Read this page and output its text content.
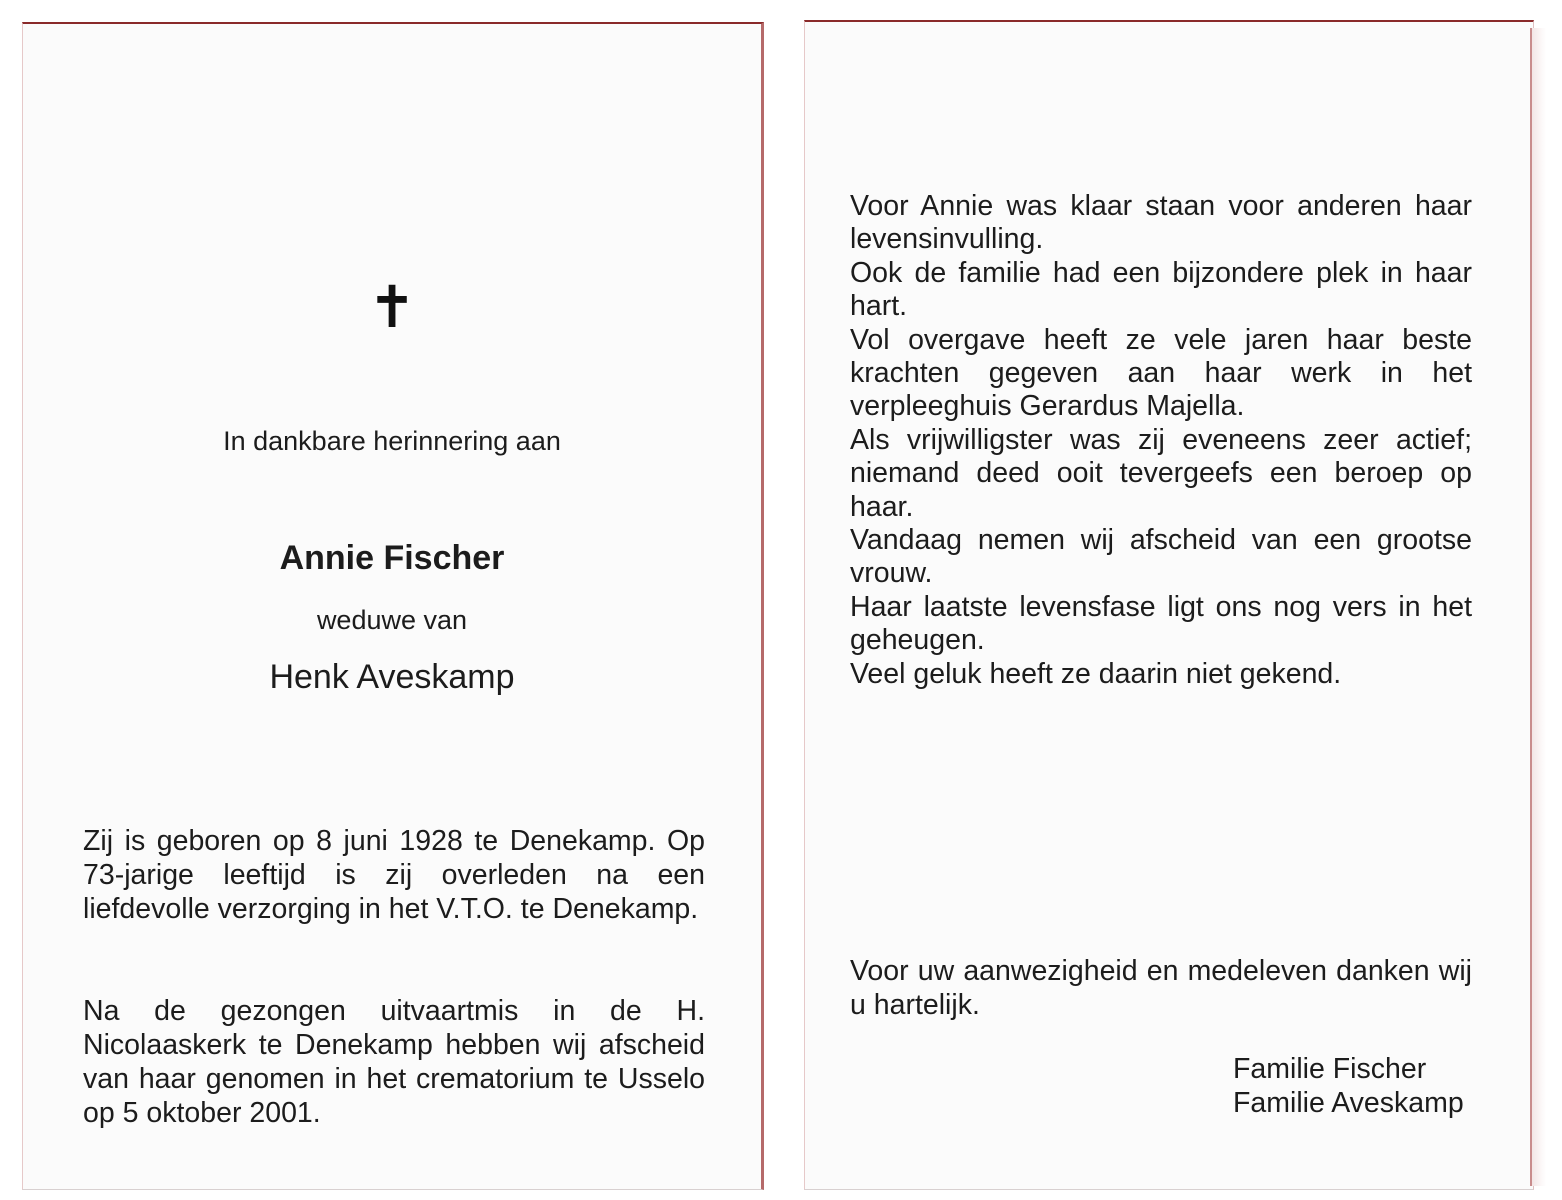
✝
In dankbare herinnering aan
Annie Fischer
weduwe van
Henk Aveskamp

Zij is geboren op 8 juni 1928 te Denekamp. Op 73-jarige leeftijd is zij overleden na een liefdevolle verzorging in het V.T.O. te Denekamp.

Na de gezongen uitvaartmis in de H. Nicolaaskerk te Denekamp hebben wij afscheid van haar genomen in het crematorium te Usselo op 5 oktober 2001.

Voor Annie was klaar staan voor anderen haar levensinvulling.
Ook de familie had een bijzondere plek in haar hart.
Vol overgave heeft ze vele jaren haar beste krachten gegeven aan haar werk in het verpleeghuis Gerardus Majella.
Als vrijwilligster was zij eveneens zeer actief; niemand deed ooit tevergeefs een beroep op haar.
Vandaag nemen wij afscheid van een grootse vrouw.
Haar laatste levensfase ligt ons nog vers in het geheugen.
Veel geluk heeft ze daarin niet gekend.

Voor uw aanwezigheid en medeleven danken wij u hartelijk.

Familie Fischer
Familie Aveskamp
